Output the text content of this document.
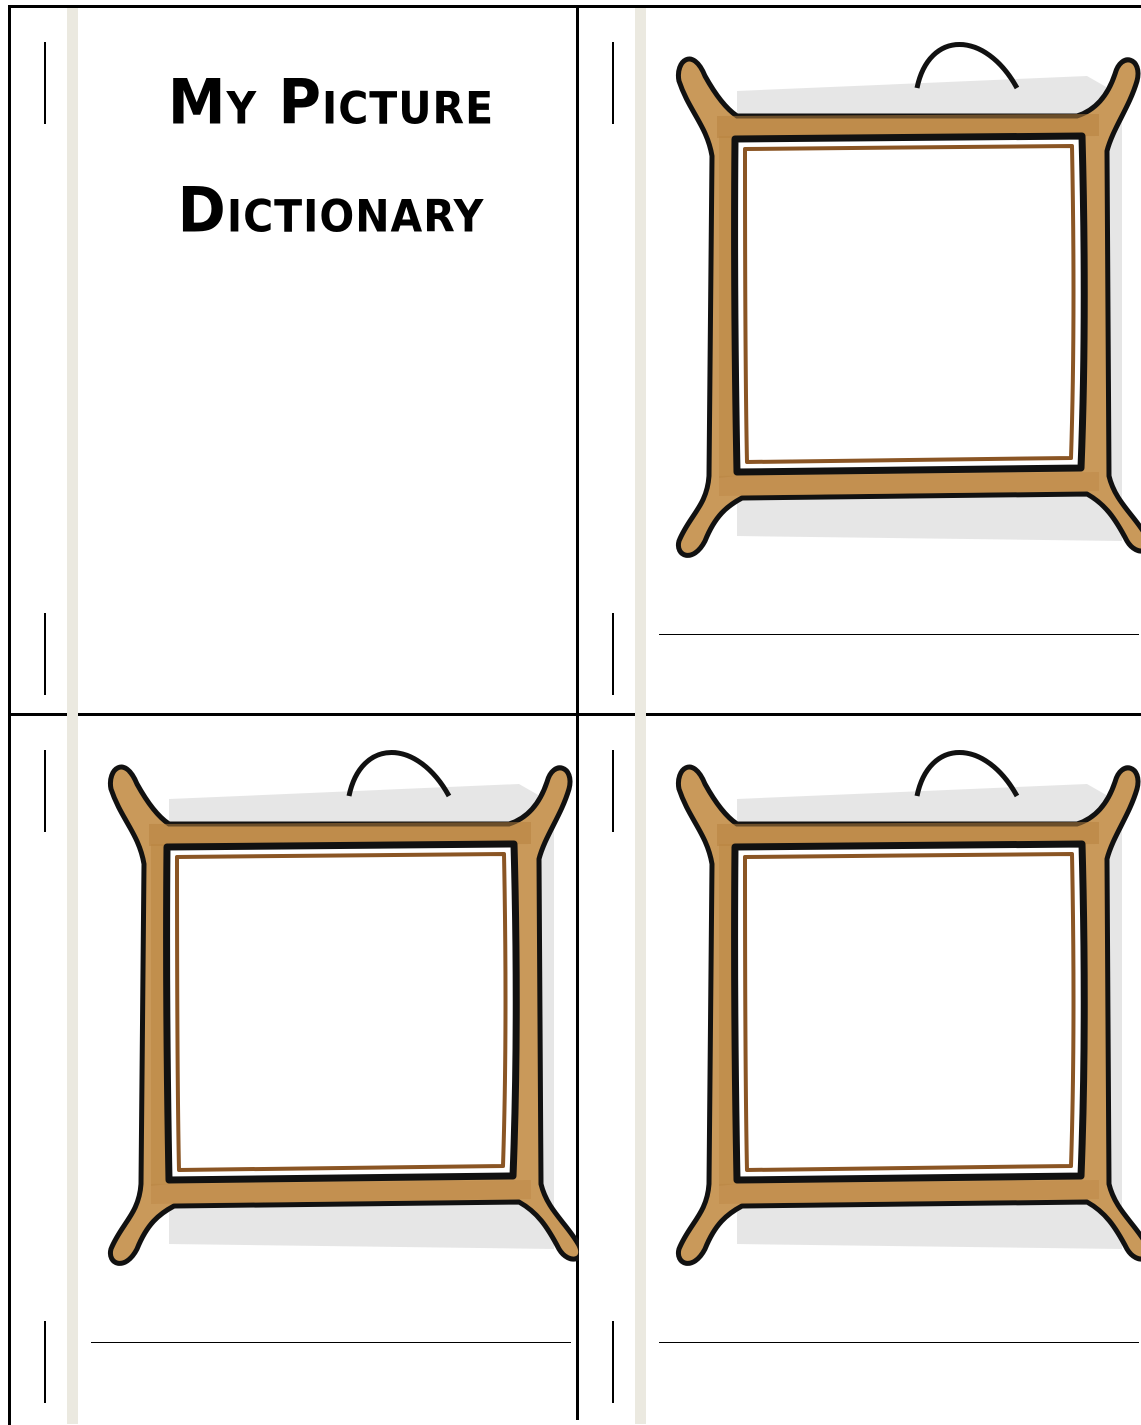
My Picture
Dictionary
